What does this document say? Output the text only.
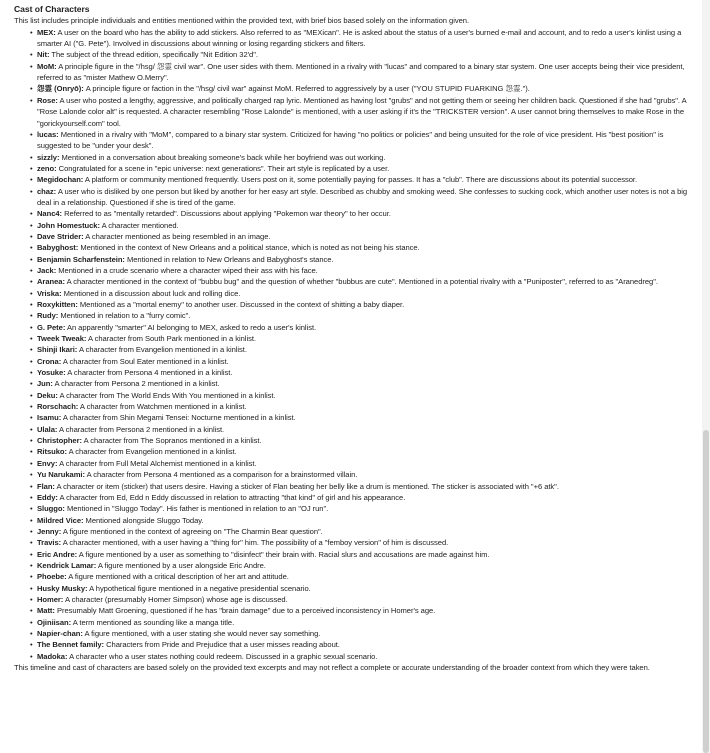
Cast of Characters

This list includes principle individuals and entities mentioned within the provided text, with brief bios based solely on the information given.

• MEX: A user on the board who has the ability to add stickers. Also referred to as "MEXican". He is asked about the status of a user's burned e-mail and account, and to redo a user's kinlist using a smarter AI ("G. Pete"). Involved in discussions about winning or losing regarding stickers and filters.
• Nit: The subject of the thread edition, specifically "Nit Edition 32'd".
• MoM: A principle figure in the "/hsg/ 怨霊 civil war". One user sides with them. Mentioned in a rivalry with "lucas" and compared to a binary star system. One user accepts being their vice president, referred to as "mister Mathew O.Merry".
• 怨霊 (Onryō): A principle figure or faction in the "/hsg/ civil war" against MoM. Referred to aggressively by a user ("YOU STUPID FUARKING 怨霊.").
• Rose: A user who posted a lengthy, aggressive, and politically charged rap lyric. Mentioned as having lost "grubs" and not getting them or seeing her children back. Questioned if she had "grubs". A "Rose Lalonde color alt" is requested. A character resembling "Rose Lalonde" is mentioned, with a user asking if it's the "TRICKSTER version". A user cannot bring themselves to make Rose in the "gorickyourself.com" tool.
• lucas: Mentioned in a rivalry with "MoM", compared to a binary star system. Criticized for having "no politics or policies" and being unsuited for the role of vice president. His "best position" is suggested to be "under your desk".
• sizzly: Mentioned in a conversation about breaking someone's back while her boyfriend was out working.
• zeno: Congratulated for a scene in "epic universe: next generations". Their art style is replicated by a user.
• Megidochan: A platform or community mentioned frequently. Users post on it, some potentially paying for passes. It has a "club". There are discussions about its potential successor.
• chaz: A user who is disliked by one person but liked by another for her easy art style. Described as chubby and smoking weed. She confesses to sucking cock, which another user notes is not a big deal in a relationship. Questioned if she is tired of the game.
• Nanc4: Referred to as "mentally retarded". Discussions about applying "Pokemon war theory" to her occur.
• John Homestuck: A character mentioned.
• Dave Strider: A character mentioned as being resembled in an image.
• Babyghost: Mentioned in the context of New Orleans and a political stance, which is noted as not being his stance.
• Benjamin Scharfenstein: Mentioned in relation to New Orleans and Babyghost's stance.
• Jack: Mentioned in a crude scenario where a character wiped their ass with his face.
• Aranea: A character mentioned in the context of "bubbu bug" and the question of whether "bubbus are cute". Mentioned in a potential rivalry with a "Puniposter", referred to as "Aranedreg".
• Vriska: Mentioned in a discussion about luck and rolling dice.
• Roxykitten: Mentioned as a "mortal enemy" to another user. Discussed in the context of shitting a baby diaper.
• Rudy: Mentioned in relation to a "furry comic".
• G. Pete: An apparently "smarter" AI belonging to MEX, asked to redo a user's kinlist.
• Tweek Tweak: A character from South Park mentioned in a kinlist.
• Shinji Ikari: A character from Evangelion mentioned in a kinlist.
• Crona: A character from Soul Eater mentioned in a kinlist.
• Yosuke: A character from Persona 4 mentioned in a kinlist.
• Jun: A character from Persona 2 mentioned in a kinlist.
• Deku: A character from The World Ends With You mentioned in a kinlist.
• Rorschach: A character from Watchmen mentioned in a kinlist.
• Isamu: A character from Shin Megami Tensei: Nocturne mentioned in a kinlist.
• Ulala: A character from Persona 2 mentioned in a kinlist.
• Christopher: A character from The Sopranos mentioned in a kinlist.
• Ritsuko: A character from Evangelion mentioned in a kinlist.
• Envy: A character from Full Metal Alchemist mentioned in a kinlist.
• Yu Narukami: A character from Persona 4 mentioned as a comparison for a brainstormed villain.
• Flan: A character or item (sticker) that users desire. Having a sticker of Flan beating her belly like a drum is mentioned. The sticker is associated with "+6 atk".
• Eddy: A character from Ed, Edd n Eddy discussed in relation to attracting "that kind" of girl and his appearance.
• Sluggo: Mentioned in "Sluggo Today". His father is mentioned in relation to an "OJ run".
• Mildred Vice: Mentioned alongside Sluggo Today.
• Jenny: A figure mentioned in the context of agreeing on "The Charmin Bear question".
• Travis: A character mentioned, with a user having a "thing for" him. The possibility of a "femboy version" of him is discussed.
• Eric Andre: A figure mentioned by a user as something to "disinfect" their brain with. Racial slurs and accusations are made against him.
• Kendrick Lamar: A figure mentioned by a user alongside Eric Andre.
• Phoebe: A figure mentioned with a critical description of her art and attitude.
• Husky Musky: A hypothetical figure mentioned in a negative presidential scenario.
• Homer: A character (presumably Homer Simpson) whose age is discussed.
• Matt: Presumably Matt Groening, questioned if he has "brain damage" due to a perceived inconsistency in Homer's age.
• Ojiniisan: A term mentioned as sounding like a manga title.
• Napier-chan: A figure mentioned, with a user stating she would never say something.
• The Bennet family: Characters from Pride and Prejudice that a user misses reading about.
• Madoka: A character who a user states nothing could redeem. Discussed in a graphic sexual scenario.

This timeline and cast of characters are based solely on the provided text excerpts and may not reflect a complete or accurate understanding of the broader context from which they were taken.
